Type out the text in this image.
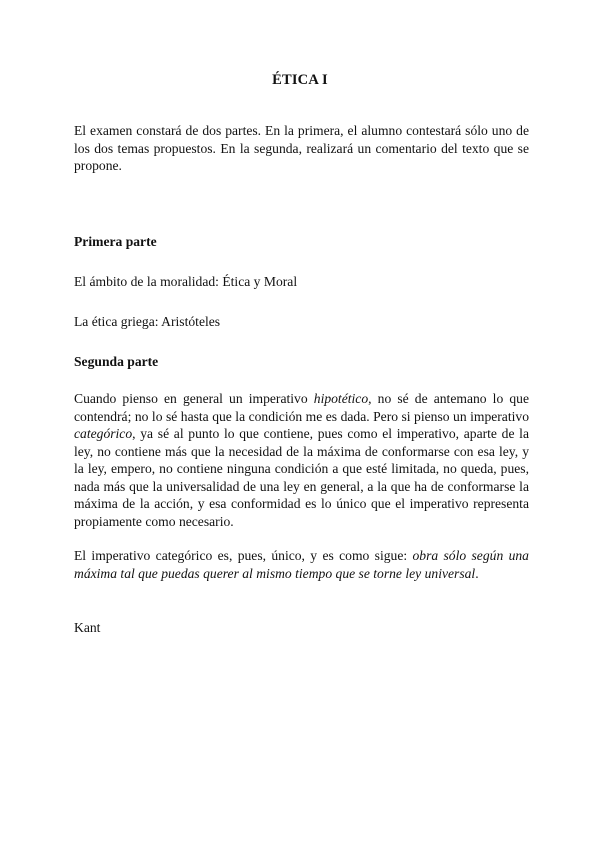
ÉTICA I

El examen constará de dos partes. En la primera, el alumno contestará sólo uno de los dos temas propuestos. En la segunda, realizará un comentario del texto que se propone.

Primera parte

El ámbito de la moralidad: Ética y Moral

La ética griega: Aristóteles

Segunda parte

Cuando pienso en general un imperativo hipotético, no sé de antemano lo que contendrá; no lo sé hasta que la condición me es dada. Pero si pienso un imperativo categórico, ya sé al punto lo que contiene, pues como el imperativo, aparte de la ley, no contiene más que la necesidad de la máxima de conformarse con esa ley, y la ley, empero, no contiene ninguna condición a que esté limitada, no queda, pues, nada más que la universalidad de una ley en general, a la que ha de conformarse la máxima de la acción, y esa conformidad es lo único que el imperativo representa propiamente como necesario.

El imperativo categórico es, pues, único, y es como sigue: obra sólo según una máxima tal que puedas querer al mismo tiempo que se torne ley universal.

Kant
